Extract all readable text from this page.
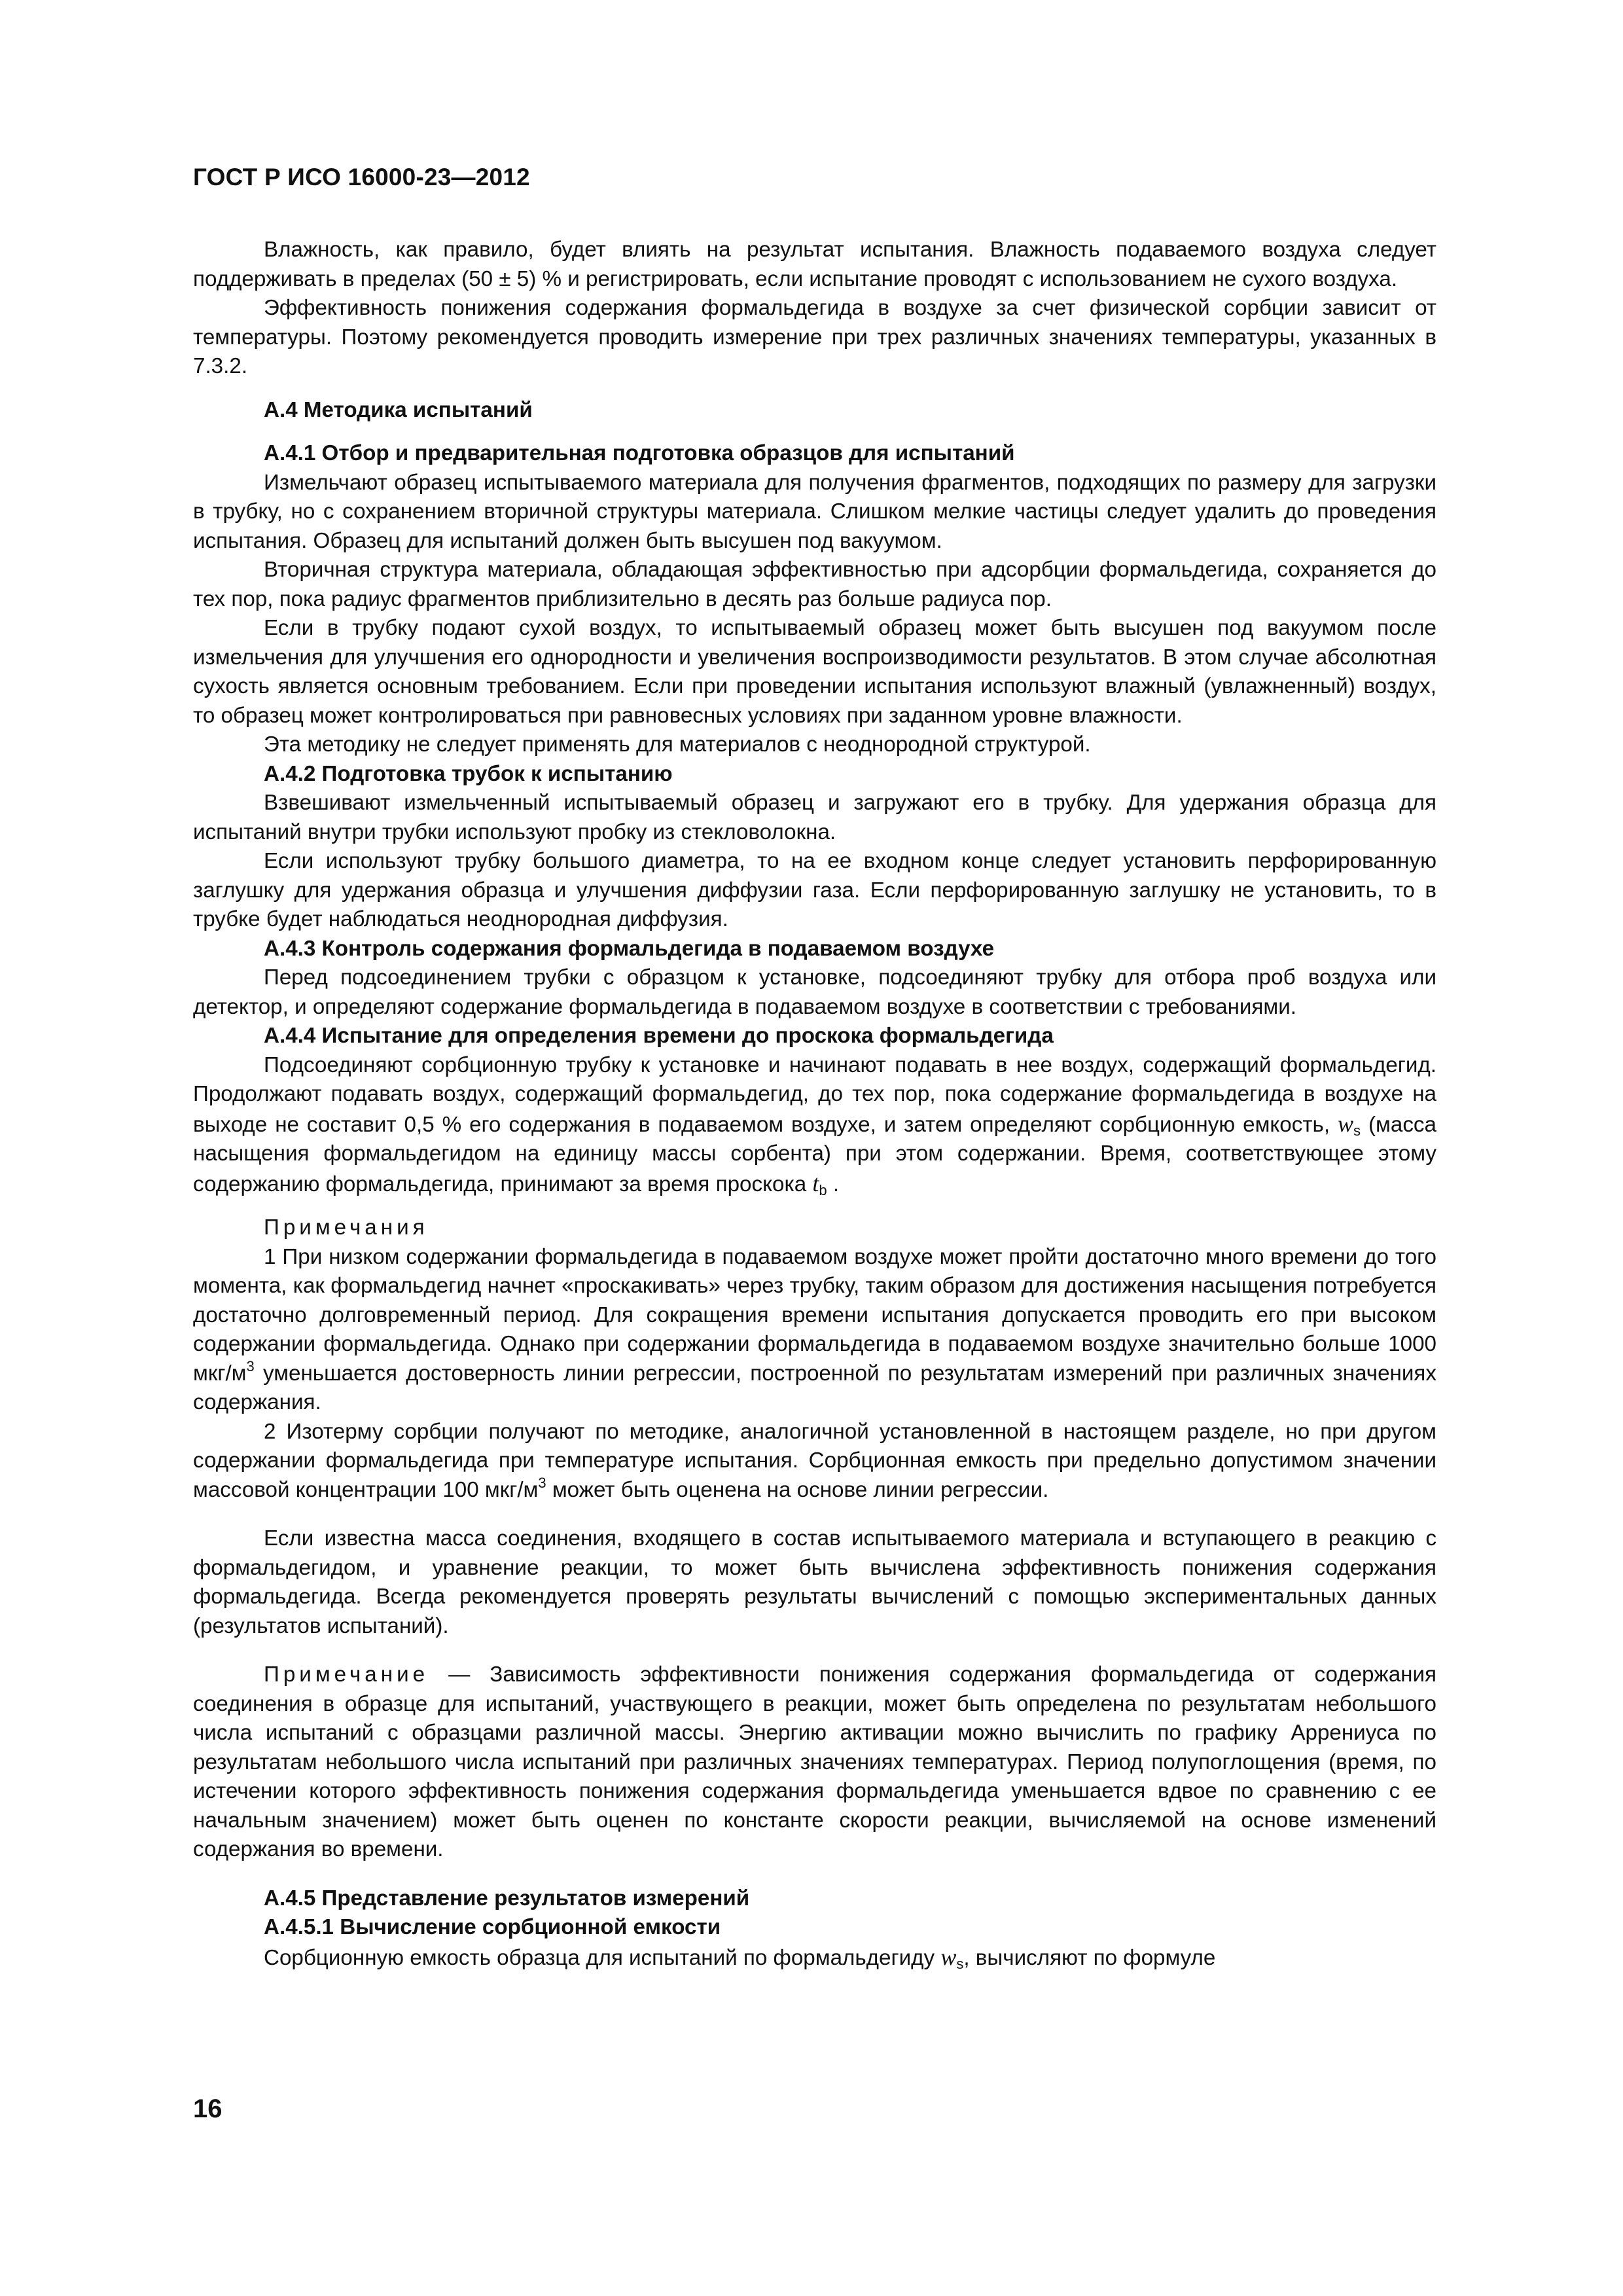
ГОСТ Р ИСО 16000-23—2012

Влажность, как правило, будет влиять на результат испытания. Влажность подаваемого воздуха следует поддерживать в пределах (50 ± 5) % и регистрировать, если испытание проводят с использованием не сухого воздуха.

Эффективность понижения содержания формальдегида в воздухе за счет физической сорбции зависит от температуры. Поэтому рекомендуется проводить измерение при трех различных значениях температуры, указанных в 7.3.2.

А.4 Методика испытаний

А.4.1 Отбор и предварительная подготовка образцов для испытаний

Измельчают образец испытываемого материала для получения фрагментов, подходящих по размеру для загрузки в трубку, но с сохранением вторичной структуры материала. Слишком мелкие частицы следует удалить до проведения испытания. Образец для испытаний должен быть высушен под вакуумом.

Вторичная структура материала, обладающая эффективностью при адсорбции формальдегида, сохраняется до тех пор, пока радиус фрагментов приблизительно в десять раз больше радиуса пор.

Если в трубку подают сухой воздух, то испытываемый образец может быть высушен под вакуумом после измельчения для улучшения его однородности и увеличения воспроизводимости результатов. В этом случае абсолютная сухость является основным требованием. Если при проведении испытания используют влажный (увлажненный) воздух, то образец может контролироваться при равновесных условиях при заданном уровне влажности.

Эта методику не следует применять для материалов с неоднородной структурой.

А.4.2 Подготовка трубок к испытанию

Взвешивают измельченный испытываемый образец и загружают его в трубку. Для удержания образца для испытаний внутри трубки используют пробку из стекловолокна.

Если используют трубку большого диаметра, то на ее входном конце следует установить перфорированную заглушку для удержания образца и улучшения диффузии газа. Если перфорированную заглушку не установить, то в трубке будет наблюдаться неоднородная диффузия.

А.4.3 Контроль содержания формальдегида в подаваемом воздухе

Перед подсоединением трубки с образцом к установке, подсоединяют трубку для отбора проб воздуха или детектор, и определяют содержание формальдегида в подаваемом воздухе в соответствии с требованиями.

А.4.4 Испытание для определения времени до проскока формальдегида

Подсоединяют сорбционную трубку к установке и начинают подавать в нее воздух, содержащий формальдегид. Продолжают подавать воздух, содержащий формальдегид, до тех пор, пока содержание формальдегида в воздухе на выходе не составит 0,5 % его содержания в подаваемом воздухе, и затем определяют сорбционную емкость, $w_s$ (масса насыщения формальдегидом на единицу массы сорбента) при этом содержании. Время, соответствующее этому содержанию формальдегида, принимают за время проскока $t_b$ .

Примечания

1 При низком содержании формальдегида в подаваемом воздухе может пройти достаточно много времени до того момента, как формальдегид начнет «проскакивать» через трубку, таким образом для достижения насыщения потребуется достаточно долговременный период. Для сокращения времени испытания допускается проводить его при высоком содержании формальдегида. Однако при содержании формальдегида в подаваемом воздухе значительно больше 1000 мкг/$м^3$ уменьшается достоверность линии регрессии, построенной по результатам измерений при различных значениях содержания.

2 Изотерму сорбции получают по методике, аналогичной установленной в настоящем разделе, но при другом содержании формальдегида при температуре испытания. Сорбционная емкость при предельно допустимом значении массовой концентрации 100 мкг/$м^3$ может быть оценена на основе линии регрессии.

Если известна масса соединения, входящего в состав испытываемого материала и вступающего в реакцию с формальдегидом, и уравнение реакции, то может быть вычислена эффективность понижения содержания формальдегида. Всегда рекомендуется проверять результаты вычислений с помощью экспериментальных данных (результатов испытаний).

Примечание — Зависимость эффективности понижения содержания формальдегида от содержания соединения в образце для испытаний, участвующего в реакции, может быть определена по результатам небольшого числа испытаний с образцами различной массы. Энергию активации можно вычислить по графику Аррениуса по результатам небольшого числа испытаний при различных значениях температурах. Период полупоглощения (время, по истечении которого эффективность понижения содержания формальдегида уменьшается вдвое по сравнению с ее начальным значением) может быть оценен по константе скорости реакции, вычисляемой на основе изменений содержания во времени.

А.4.5 Представление результатов измерений

А.4.5.1 Вычисление сорбционной емкости

Сорбционную емкость образца для испытаний по формальдегиду $w_s$, вычисляют по формуле

16
